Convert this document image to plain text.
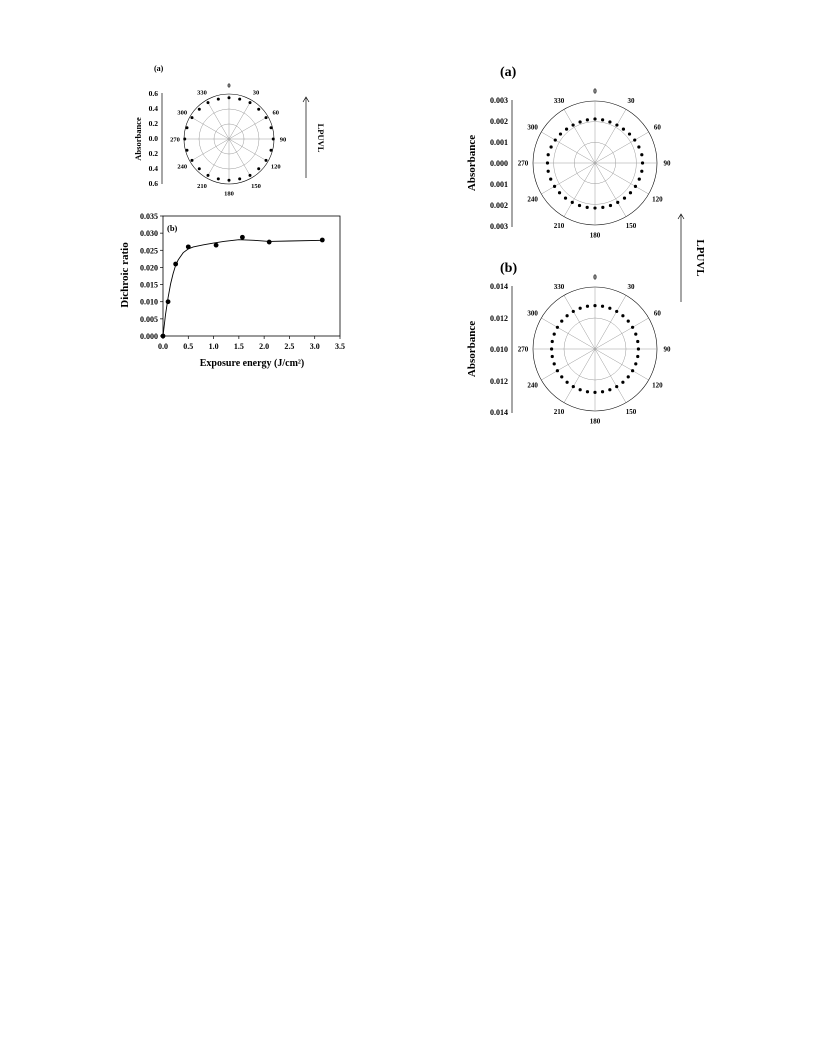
(a)
Absorbance
0.6
0.4
0.2
0.0
0.2
0.4
0.6
0
30
60
90
120
150
180
210
240
270
300
330
LPUVL
Dichroic ratio
Exposure energy (J/cm²)
0.000
0.005
0.010
0.015
0.020
0.025
0.030
0.035
0.0 0.5 1.0 1.5 2.0 2.5 3.0 3.5
(b)
(a)
Absorbance
0.003
0.002
0.001
0.000
0.001
0.002
0.003
0
30
60
90
120
150
180
210
240
270
300
330
LPUVL
(b)
Absorbance
0.014
0.012
0.010
0.012
0.014
0
30
60
90
120
150
180
210
240
270
300
330
